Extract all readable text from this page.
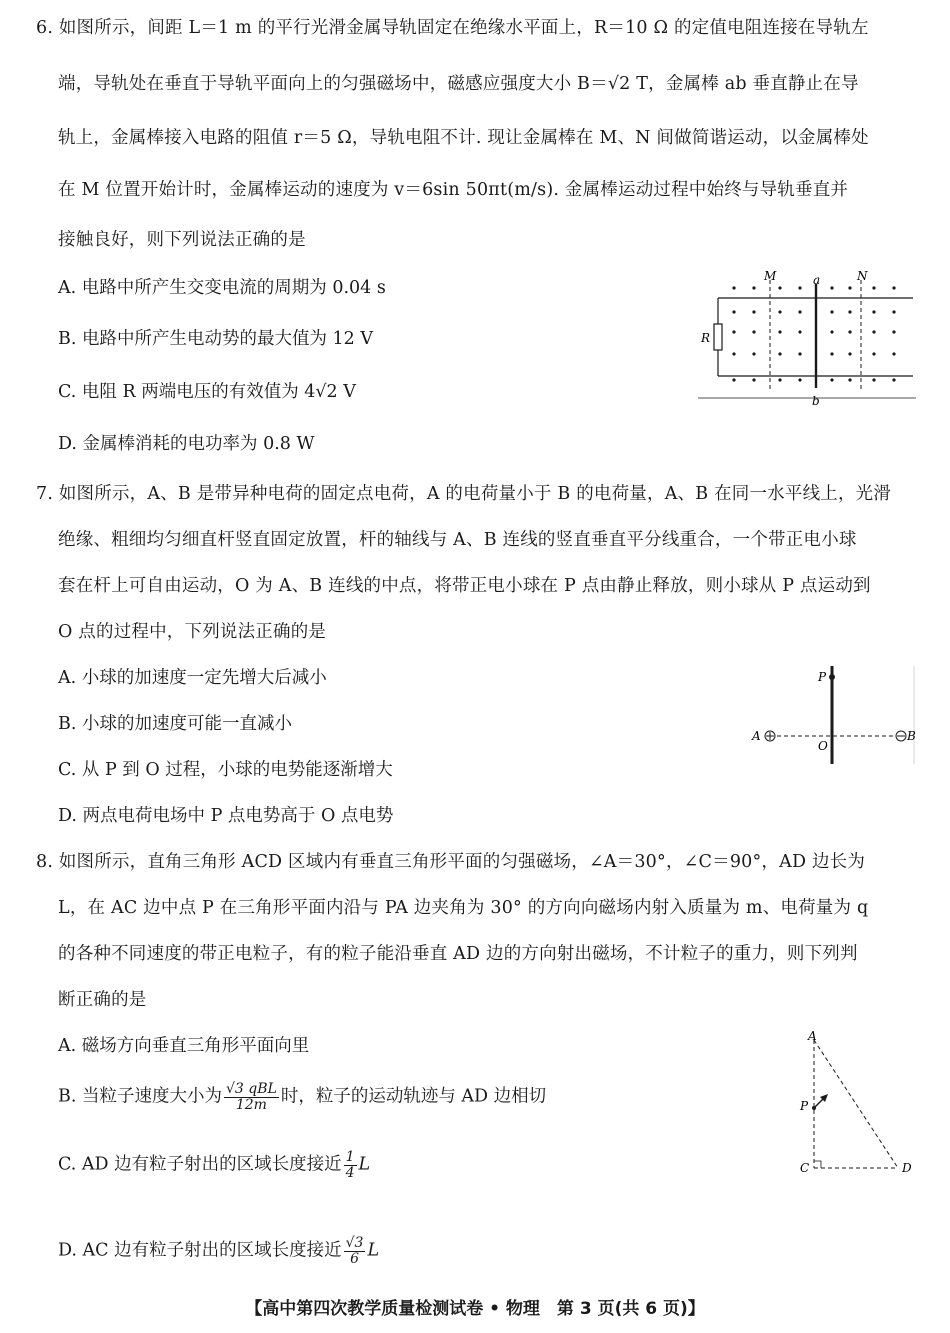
6. 如图所示，间距 L＝1 m 的平行光滑金属导轨固定在绝缘水平面上，R＝10 Ω 的定值电阻连接在导轨左
端，导轨处在垂直于导轨平面向上的匀强磁场中，磁感应强度大小 B＝√2 T，金属棒 ab 垂直静止在导
轨上，金属棒接入电路的阻值 r＝5 Ω，导轨电阻不计. 现让金属棒在 M、N 间做简谐运动，以金属棒处
在 M 位置开始计时，金属棒运动的速度为 v＝6sin 50πt(m/s). 金属棒运动过程中始终与导轨垂直并
接触良好，则下列说法正确的是
A. 电路中所产生交变电流的周期为 0.04 s
B. 电路中所产生电动势的最大值为 12 V
C. 电阻 R 两端电压的有效值为 4√2 V
D. 金属棒消耗的电功率为 0.8 W
M	a	N
R
b
7. 如图所示，A、B 是带异种电荷的固定点电荷，A 的电荷量小于 B 的电荷量，A、B 在同一水平线上，光滑
绝缘、粗细均匀细直杆竖直固定放置，杆的轴线与 A、B 连线的竖直垂直平分线重合，一个带正电小球
套在杆上可自由运动，O 为 A、B 连线的中点，将带正电小球在 P 点由静止释放，则小球从 P 点运动到
O 点的过程中，下列说法正确的是
A. 小球的加速度一定先增大后减小
B. 小球的加速度可能一直减小
C. 从 P 到 O 过程，小球的电势能逐渐增大
D. 两点电荷电场中 P 点电势高于 O 点电势
P
O
A	B
8. 如图所示，直角三角形 ACD 区域内有垂直三角形平面的匀强磁场，∠A＝30°，∠C＝90°，AD 边长为
L，在 AC 边中点 P 在三角形平面内沿与 PA 边夹角为 30° 的方向向磁场内射入质量为 m、电荷量为 q
的各种不同速度的带正电粒子，有的粒子能沿垂直 AD 边的方向射出磁场，不计粒子的重力，则下列判
断正确的是
A. 磁场方向垂直三角形平面向里
B. 当粒子速度大小为 $\frac{\text{√3 qBL}}{12m}$ 时，粒子的运动轨迹与 AD 边相切
C. AD 边有粒子射出的区域长度接近 $\frac{1}{4}$ L
D. AC 边有粒子射出的区域长度接近 $\frac{√3}{6}$ L
A
P
C	D
【高中第四次教学质量检测试卷 • 物理　第 3 页(共 6 页)】
